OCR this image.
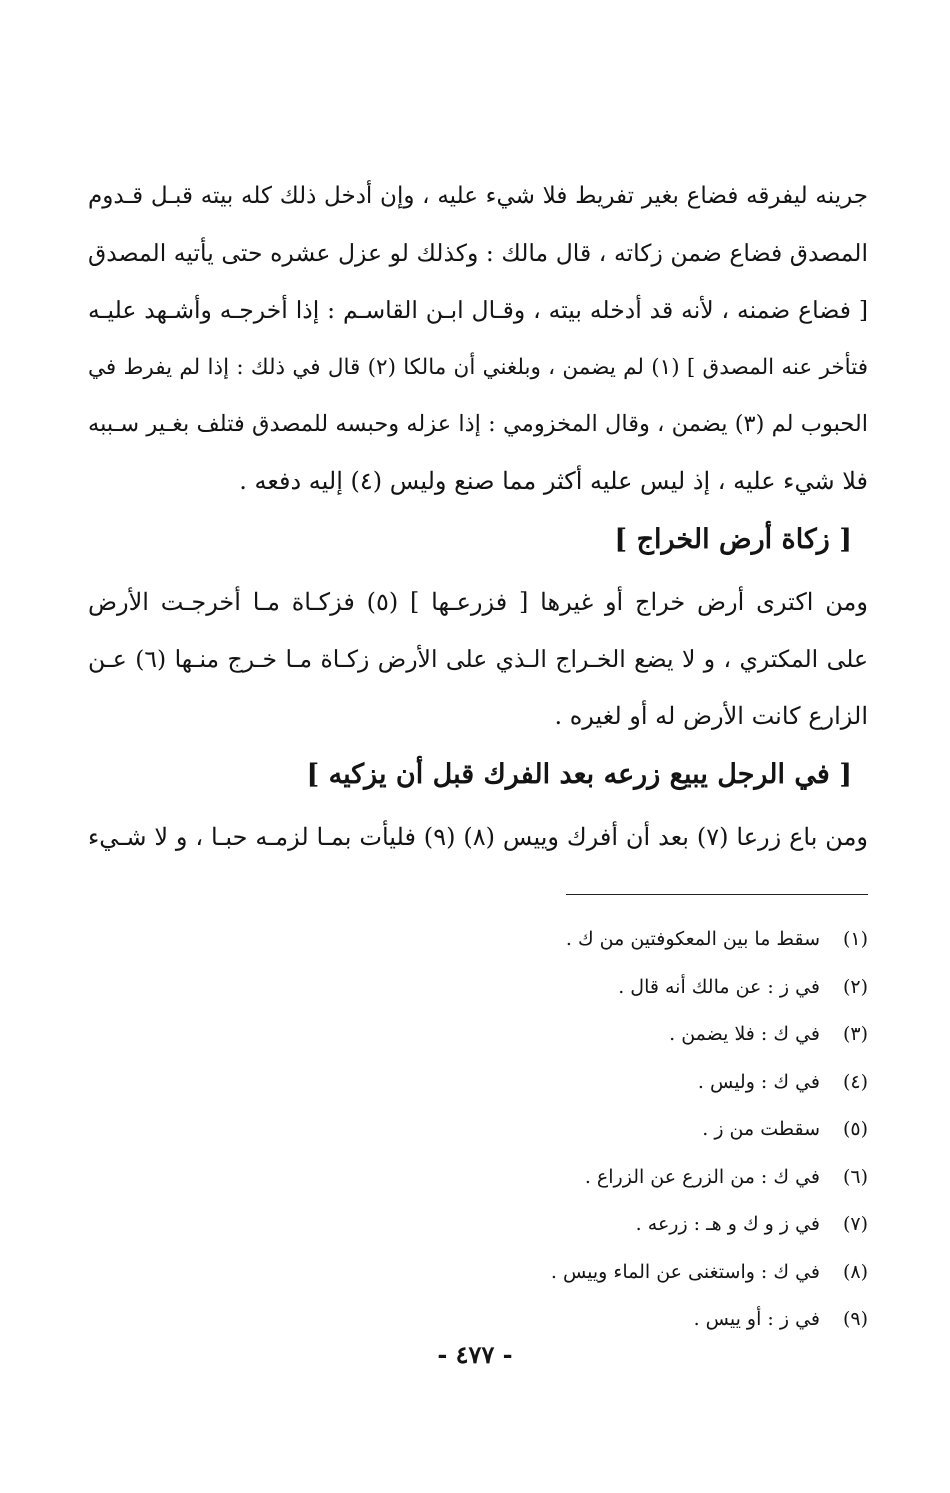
جرينه ليفرقه فضاع بغير تفريط فلا شيء عليه ، وإن أدخل ذلك كله بيته قبـل قـدوم
المصدق فضاع ضمن زكاته ، قال مالك : وكذلك لو عزل عشره حتى يأتيه المصدق
[ فضاع ضمنه ، لأنه قد أدخله بيته ، وقـال ابـن القاسـم : إذا أخرجـه وأشـهد عليـه
فتأخر عنه المصدق ] (١) لم يضمن ، وبلغني أن مالكا (٢) قال في ذلك : إذا لم يفرط في
الحبوب لم (٣) يضمن ، وقال المخزومي : إذا عزله وحبسه للمصدق فتلف بغـير سـببه
فلا شيء عليه ، إذ ليس عليه أكثر مما صنع وليس (٤) إليه دفعه .
[ زكاة أرض الخراج ]
ومن اكترى أرض خراج أو غيرها [ فزرعـها ] (٥) فزكـاة مـا أخرجـت الأرض
على المكتري ، و لا يضع الخـراج الـذي على الأرض زكـاة مـا خـرج منـها (٦) عـن
الزارع كانت الأرض له أو لغيره .
[ في الرجل يبيع زرعه بعد الفرك قبل أن يزكيه ]
ومن باع زرعا (٧) بعد أن أفرك وييس (٨) (٩) فليأت بمـا لزمـه حبـا ، و لا شـيء
(١)سقط ما بين المعكوفتين من ك .
(٢)في ز : عن مالك أنه قال .
(٣)في ك : فلا يضمن .
(٤)في ك : وليس .
(٥)سقطت من ز .
(٦)في ك : من الزرع عن الزراع .
(٧)في ز و ك و هـ : زرعه .
(٨)في ك : واستغنى عن الماء وييس .
(٩)في ز : أو ييس .
- ٤٧٧ -
